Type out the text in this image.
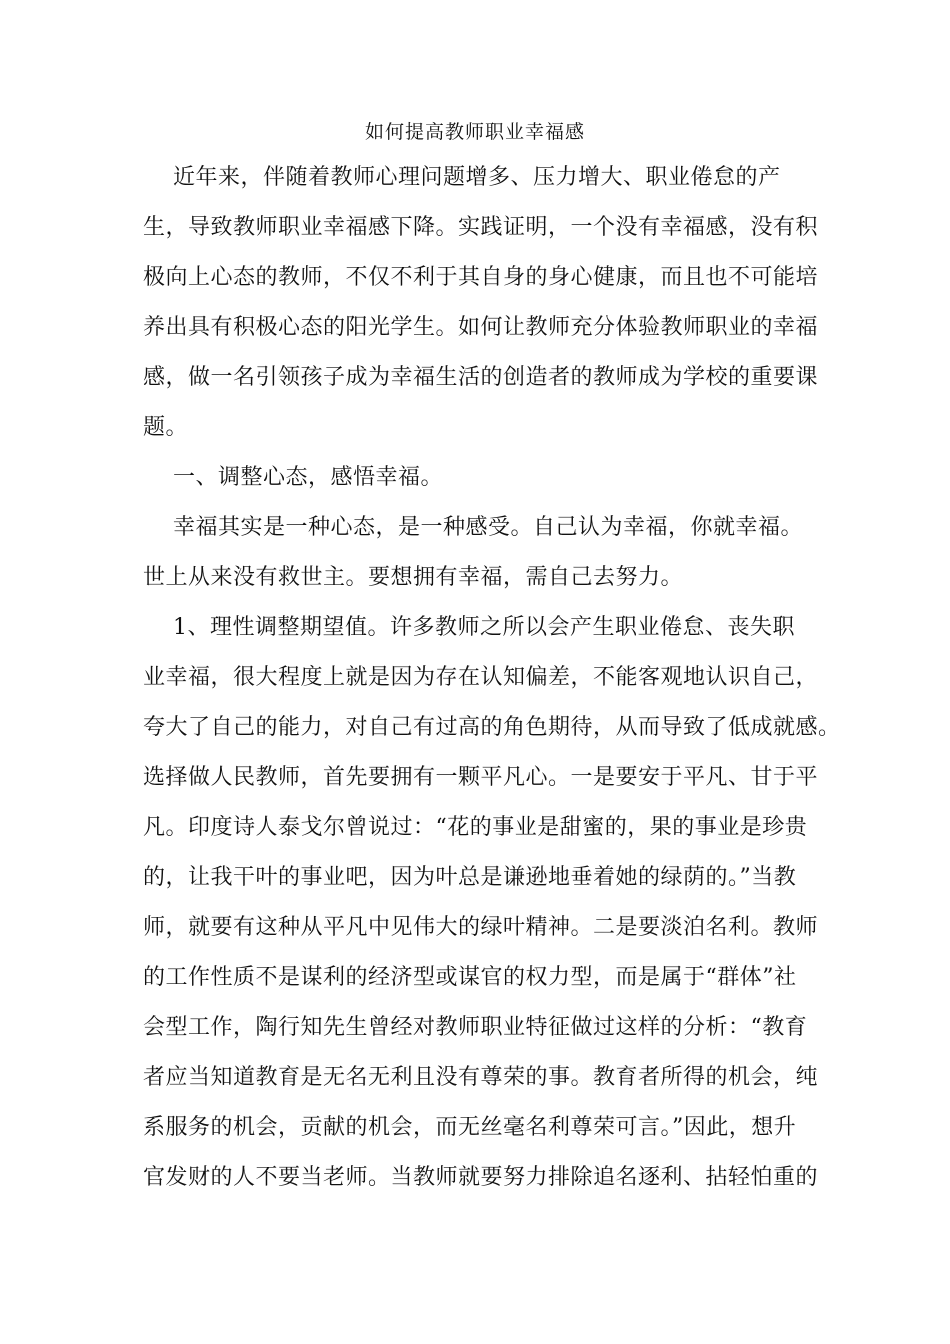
如何提高教师职业幸福感
近年来，伴随着教师心理问题增多、压力增大、职业倦怠的产
生，导致教师职业幸福感下降。实践证明，一个没有幸福感，没有积
极向上心态的教师，不仅不利于其自身的身心健康，而且也不可能培
养出具有积极心态的阳光学生。如何让教师充分体验教师职业的幸福
感，做一名引领孩子成为幸福生活的创造者的教师成为学校的重要课
题。
一、调整心态，感悟幸福。
幸福其实是一种心态，是一种感受。自己认为幸福，你就幸福。
世上从来没有救世主。要想拥有幸福，需自己去努力。
1、理性调整期望值。许多教师之所以会产生职业倦怠、丧失职
业幸福，很大程度上就是因为存在认知偏差，不能客观地认识自己，
夸大了自己的能力，对自己有过高的角色期待，从而导致了低成就感。
选择做人民教师，首先要拥有一颗平凡心。一是要安于平凡、甘于平
凡。印度诗人泰戈尔曾说过：“花的事业是甜蜜的，果的事业是珍贵
的，让我干叶的事业吧，因为叶总是谦逊地垂着她的绿荫的。”当教
师，就要有这种从平凡中见伟大的绿叶精神。二是要淡泊名利。教师
的工作性质不是谋利的经济型或谋官的权力型，而是属于“群体”社
会型工作，陶行知先生曾经对教师职业特征做过这样的分析：“教育
者应当知道教育是无名无利且没有尊荣的事。教育者所得的机会，纯
系服务的机会，贡献的机会，而无丝毫名利尊荣可言。”因此，想升
官发财的人不要当老师。当教师就要努力排除追名逐利、拈轻怕重的
